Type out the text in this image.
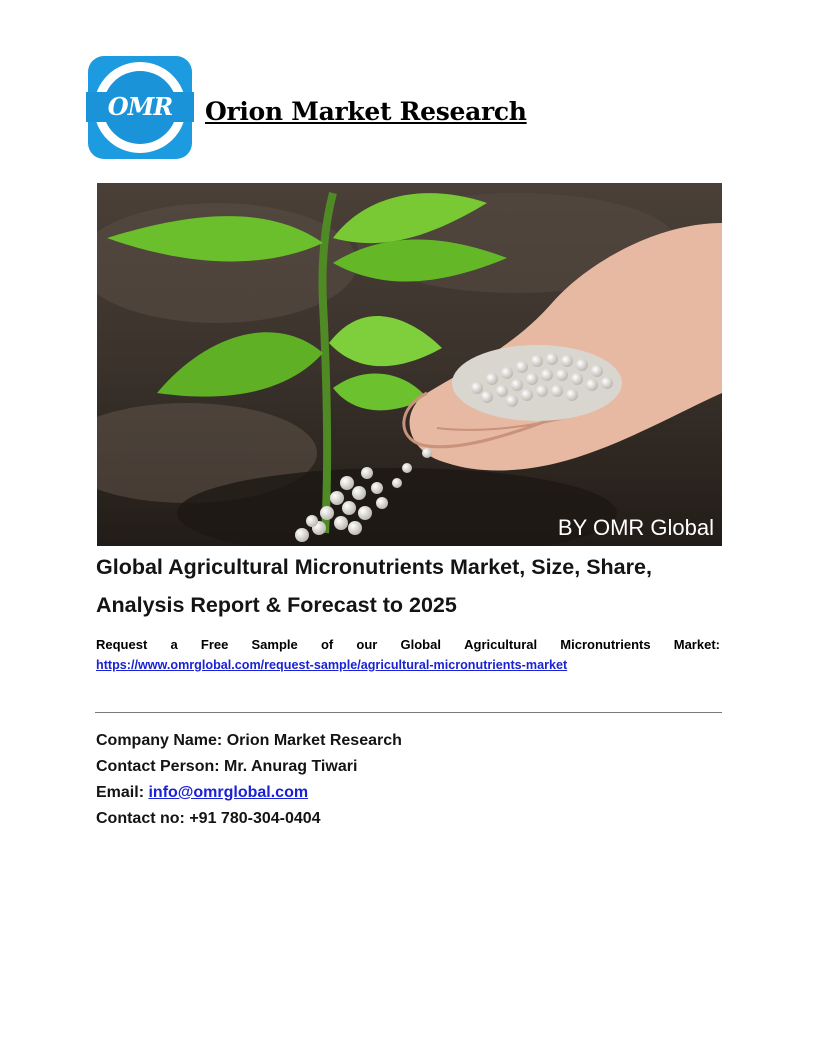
OMR	Orion Market Research
BY OMR Global
Global Agricultural Micronutrients Market, Size, Share, Analysis Report & Forecast to 2025
Request a Free Sample of our Global Agricultural Micronutrients Market:
https://www.omrglobal.com/request-sample/agricultural-micronutrients-market
Company Name: Orion Market Research
Contact Person: Mr. Anurag Tiwari
Email: info@omrglobal.com
Contact no: +91 780-304-0404
